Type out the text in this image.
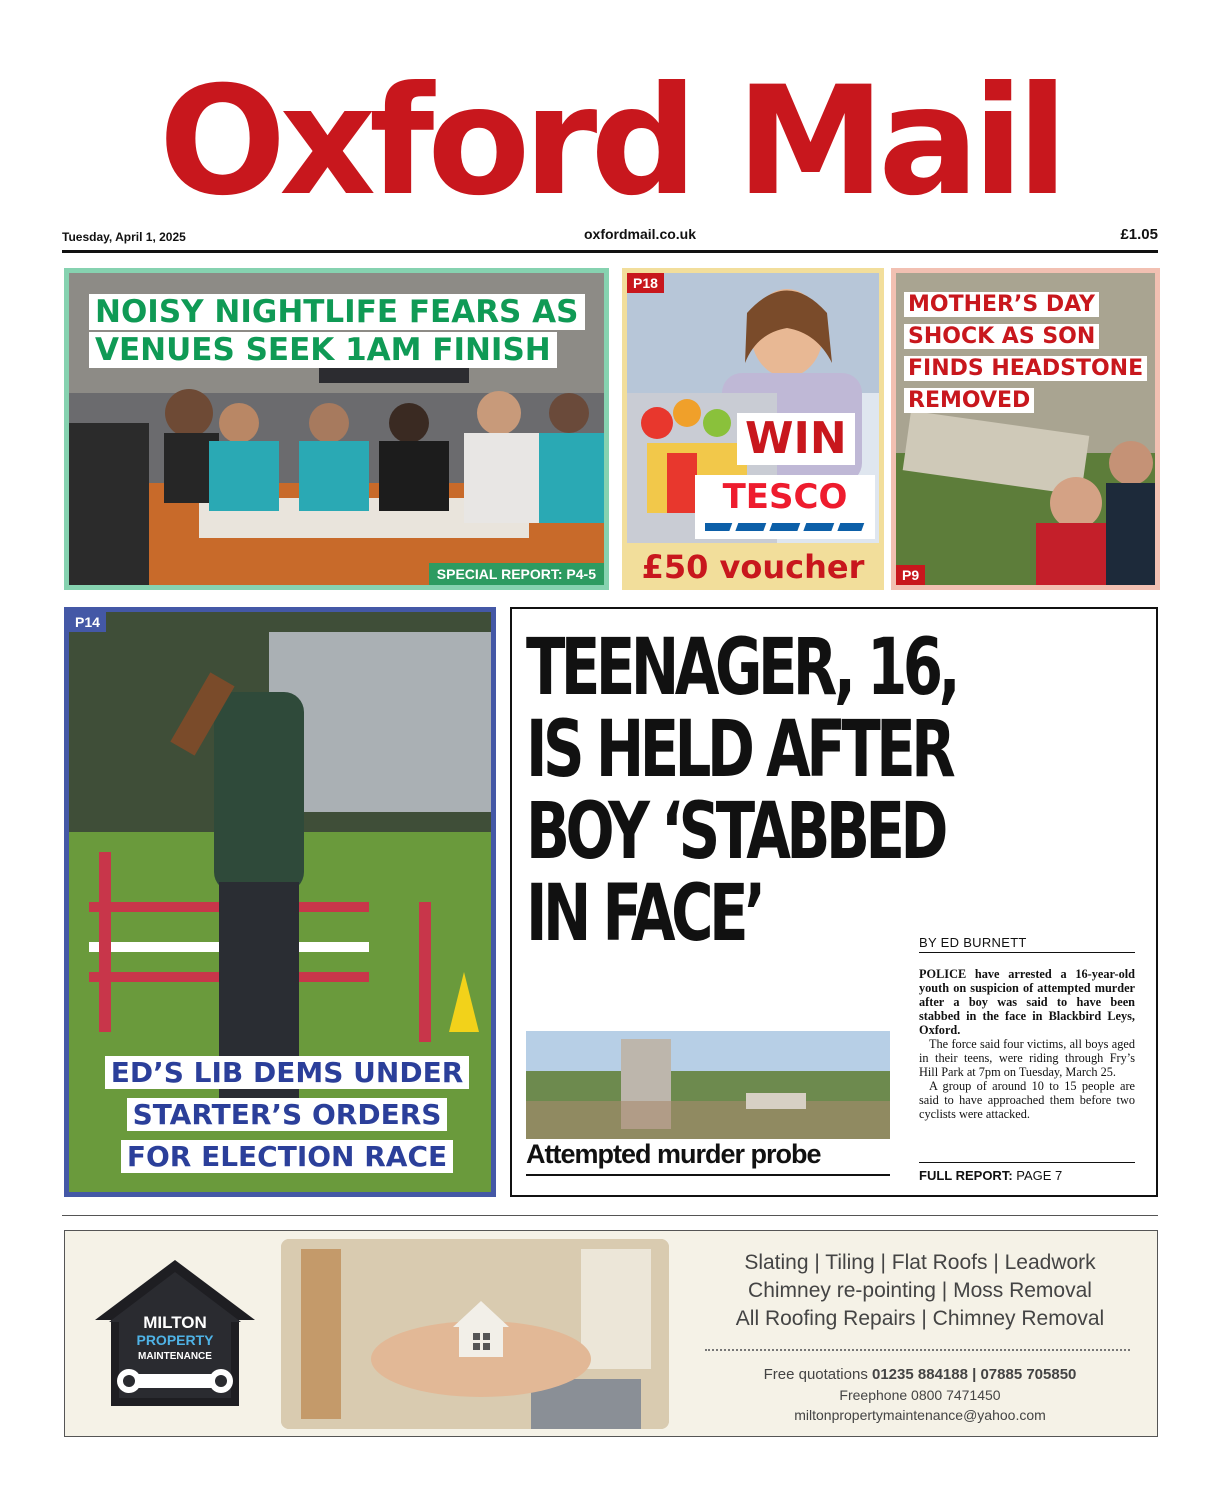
Oxford Mail
Tuesday, April 1, 2025	oxfordmail.co.uk	£1.05
NOISY NIGHTLIFE FEARS AS VENUES SEEK 1AM FINISH
SPECIAL REPORT: P4-5
P18
WIN
TESCO
£50 voucher
MOTHER’S DAY SHOCK AS SON FINDS HEADSTONE REMOVED
P9
P14
ED’S LIB DEMS UNDER
STARTER’S ORDERS
FOR ELECTION RACE
TEENAGER, 16,
IS HELD AFTER
BOY ‘STABBED
IN FACE’
Attempted murder probe
BY ED BURNETT

POLICE have arrested a 16-year-old youth on suspicion of attempted murder after a boy was said to have been stabbed in the face in Blackbird Leys, Oxford.

The force said four victims, all boys aged in their teens, were riding through Fry’s Hill Park at 7pm on Tuesday, March 25.

A group of around 10 to 15 people are said to have approached them before two cyclists were attacked.

FULL REPORT: PAGE 7
MILTON
PROPERTY
MAINTENANCE
Slating | Tiling | Flat Roofs | Leadwork
Chimney re-pointing | Moss Removal
All Roofing Repairs | Chimney Removal
Free quotations 01235 884188 | 07885 705850
Freephone 0800 7471450
miltonpropertymaintenance@yahoo.com
